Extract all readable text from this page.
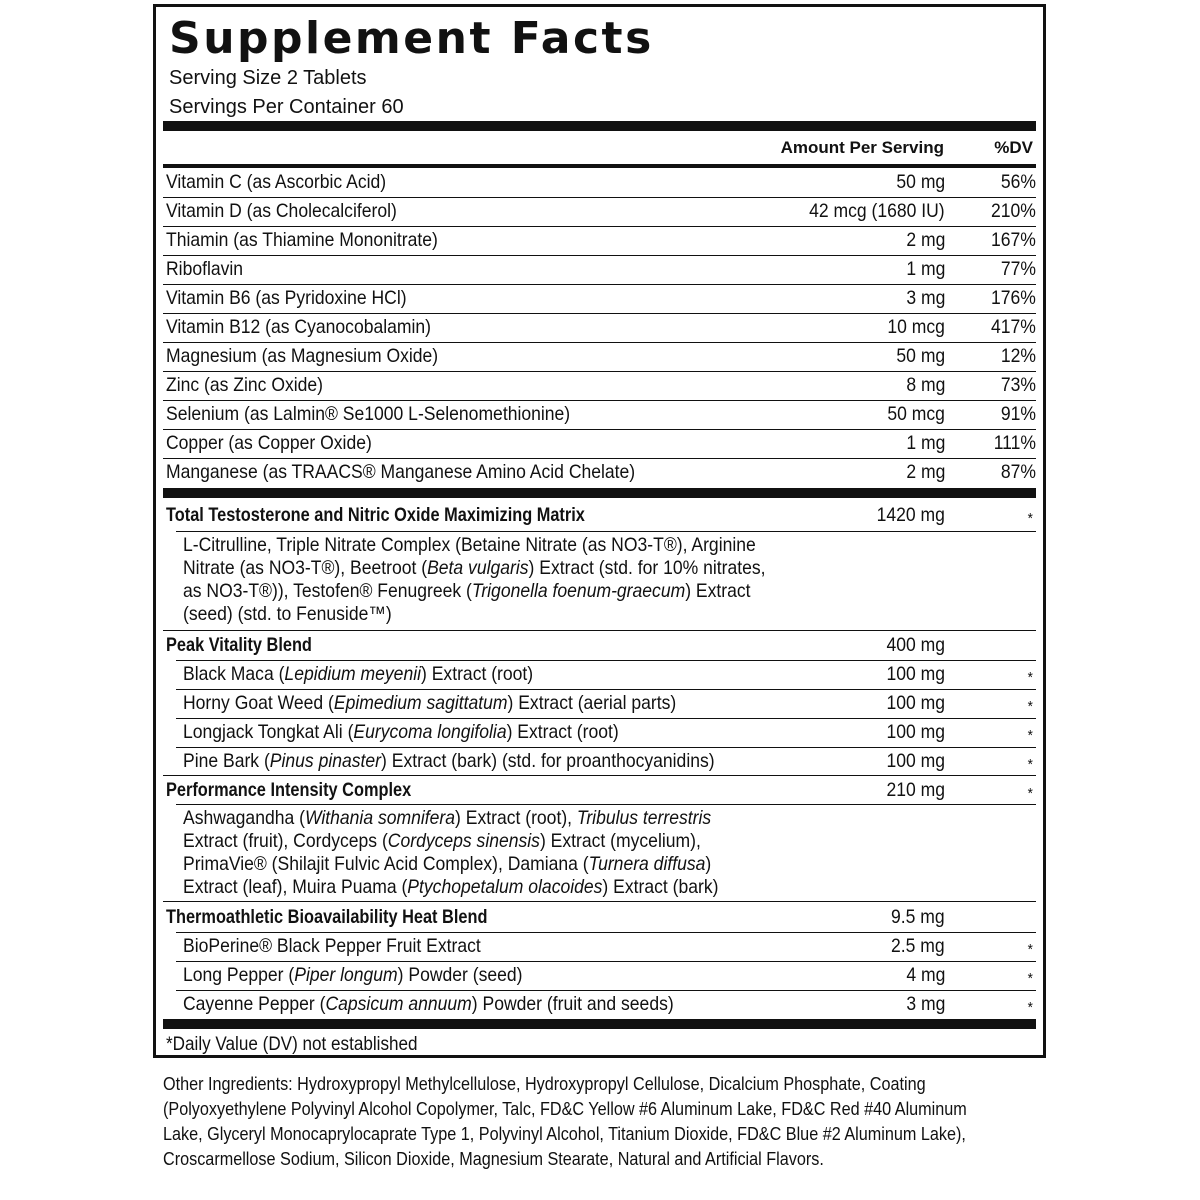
Supplement Facts
Serving Size 2 Tablets
Servings Per Container 60
Amount Per Serving	%DV
Vitamin C (as Ascorbic Acid)	50 mg	56%
Vitamin D (as Cholecalciferol)	42 mcg (1680 IU) 210%
Thiamin (as Thiamine Mononitrate)	2 mg 167%
Riboflavin	1 mg	77%
Vitamin B6 (as Pyridoxine HCl)	3 mg 176%
Vitamin B12 (as Cyanocobalamin)	10 mcg 417%
Magnesium (as Magnesium Oxide)	50 mg	12%
Zinc (as Zinc Oxide)	8 mg	73%
Selenium (as Lalmin® Se1000 L-Selenomethionine)	50 mcg	91%
Copper (as Copper Oxide)	1 mg 111%
Manganese (as TRAACS® Manganese Amino Acid Chelate)	2 mg	87%
Total Testosterone and Nitric Oxide Maximizing Matrix	1420 mg	*
L-Citrulline, Triple Nitrate Complex (Betaine Nitrate (as NO3-T®), Arginine
Nitrate (as NO3-T®), Beetroot (Beta vulgaris) Extract (std. for 10% nitrates,
as NO3-T®)), Testofen® Fenugreek (Trigonella foenum-graecum) Extract
(seed) (std. to Fenuside™)
Peak Vitality Blend	400 mg
Black Maca (Lepidium meyenii) Extract (root)	100 mg	*
Horny Goat Weed (Epimedium sagittatum) Extract (aerial parts)	100 mg	*
Longjack Tongkat Ali (Eurycoma longifolia) Extract (root)	100 mg	*
Pine Bark (Pinus pinaster) Extract (bark) (std. for proanthocyanidins)	100 mg	*
Performance Intensity Complex	210 mg	*
Ashwagandha (Withania somnifera) Extract (root), Tribulus terrestris
Extract (fruit), Cordyceps (Cordyceps sinensis) Extract (mycelium),
PrimaVie® (Shilajit Fulvic Acid Complex), Damiana (Turnera diffusa)
Extract (leaf), Muira Puama (Ptychopetalum olacoides) Extract (bark)
Thermoathletic Bioavailability Heat Blend	9.5 mg
BioPerine® Black Pepper Fruit Extract	2.5 mg	*
Long Pepper (Piper longum) Powder (seed)	4 mg	*
Cayenne Pepper (Capsicum annuum) Powder (fruit and seeds)	3 mg	*
*Daily Value (DV) not established
Other Ingredients: Hydroxypropyl Methylcellulose, Hydroxypropyl Cellulose, Dicalcium Phosphate, Coating
(Polyoxyethylene Polyvinyl Alcohol Copolymer, Talc, FD&C Yellow #6 Aluminum Lake, FD&C Red #40 Aluminum
Lake, Glyceryl Monocaprylocaprate Type 1, Polyvinyl Alcohol, Titanium Dioxide, FD&C Blue #2 Aluminum Lake),
Croscarmellose Sodium, Silicon Dioxide, Magnesium Stearate, Natural and Artificial Flavors.
